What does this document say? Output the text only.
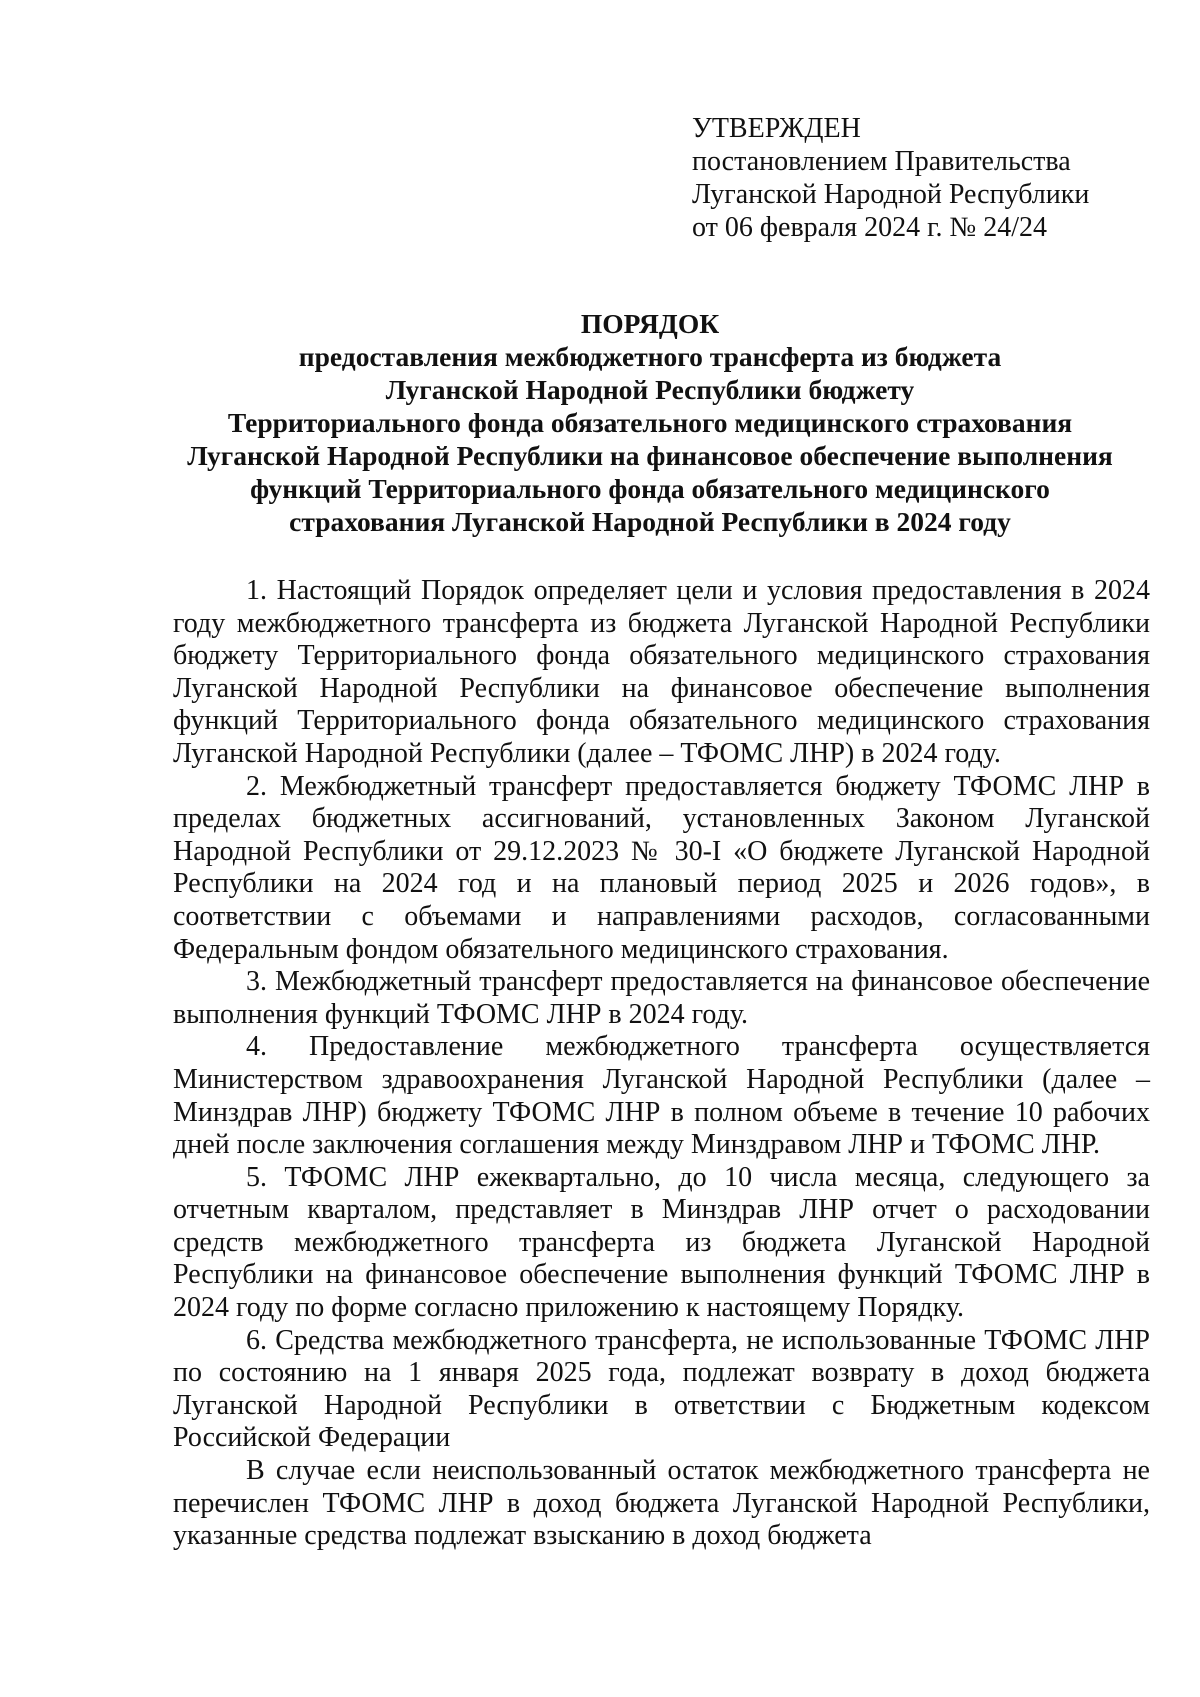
УТВЕРЖДЕН
постановлением Правительства
Луганской Народной Республики
от 06 февраля 2024 г. № 24/24
ПОРЯДОК
предоставления межбюджетного трансферта из бюджета
Луганской Народной Республики бюджету
Территориального фонда обязательного медицинского страхования
Луганской Народной Республики на финансовое обеспечение выполнения
функций Территориального фонда обязательного медицинского
страхования Луганской Народной Республики в 2024 году

1. Настоящий Порядок определяет цели и условия предоставления в 2024 году межбюджетного трансферта из бюджета Луганской Народной Республики бюджету Территориального фонда обязательного медицинского страхования Луганской Народной Республики на финансовое обеспечение выполнения функций Территориального фонда обязательного медицинского страхования Луганской Народной Республики (далее – ТФОМС ЛНР) в 2024 году.

2. Межбюджетный трансферт предоставляется бюджету ТФОМС ЛНР в пределах бюджетных ассигнований, установленных Законом Луганской Народной Республики от 29.12.2023 № 30-I «О бюджете Луганской Народной Республики на 2024 год и на плановый период 2025 и 2026 годов», в соответствии с объемами и направлениями расходов, согласованными Федеральным фондом обязательного медицинского страхования.

3. Межбюджетный трансферт предоставляется на финансовое обеспечение выполнения функций ТФОМС ЛНР в 2024 году.

4. Предоставление межбюджетного трансферта осуществляется Министерством здравоохранения Луганской Народной Республики (далее – Минздрав ЛНР) бюджету ТФОМС ЛНР в полном объеме в течение 10 рабочих дней после заключения соглашения между Минздравом ЛНР и ТФОМС ЛНР.

5. ТФОМС ЛНР ежеквартально, до 10 числа месяца, следующего за отчетным кварталом, представляет в Минздрав ЛНР отчет о расходовании средств межбюджетного трансферта из бюджета Луганской Народной Республики на финансовое обеспечение выполнения функций ТФОМС ЛНР в 2024 году по форме согласно приложению к настоящему Порядку.

6. Средства межбюджетного трансферта, не использованные ТФОМС ЛНР по состоянию на 1 января 2025 года, подлежат возврату в доход бюджета Луганской Народной Республики в ответствии с Бюджетным кодексом Российской Федерации

В случае если неиспользованный остаток межбюджетного трансферта не перечислен ТФОМС ЛНР в доход бюджета Луганской Народной Республики, указанные средства подлежат взысканию в доход бюджета
